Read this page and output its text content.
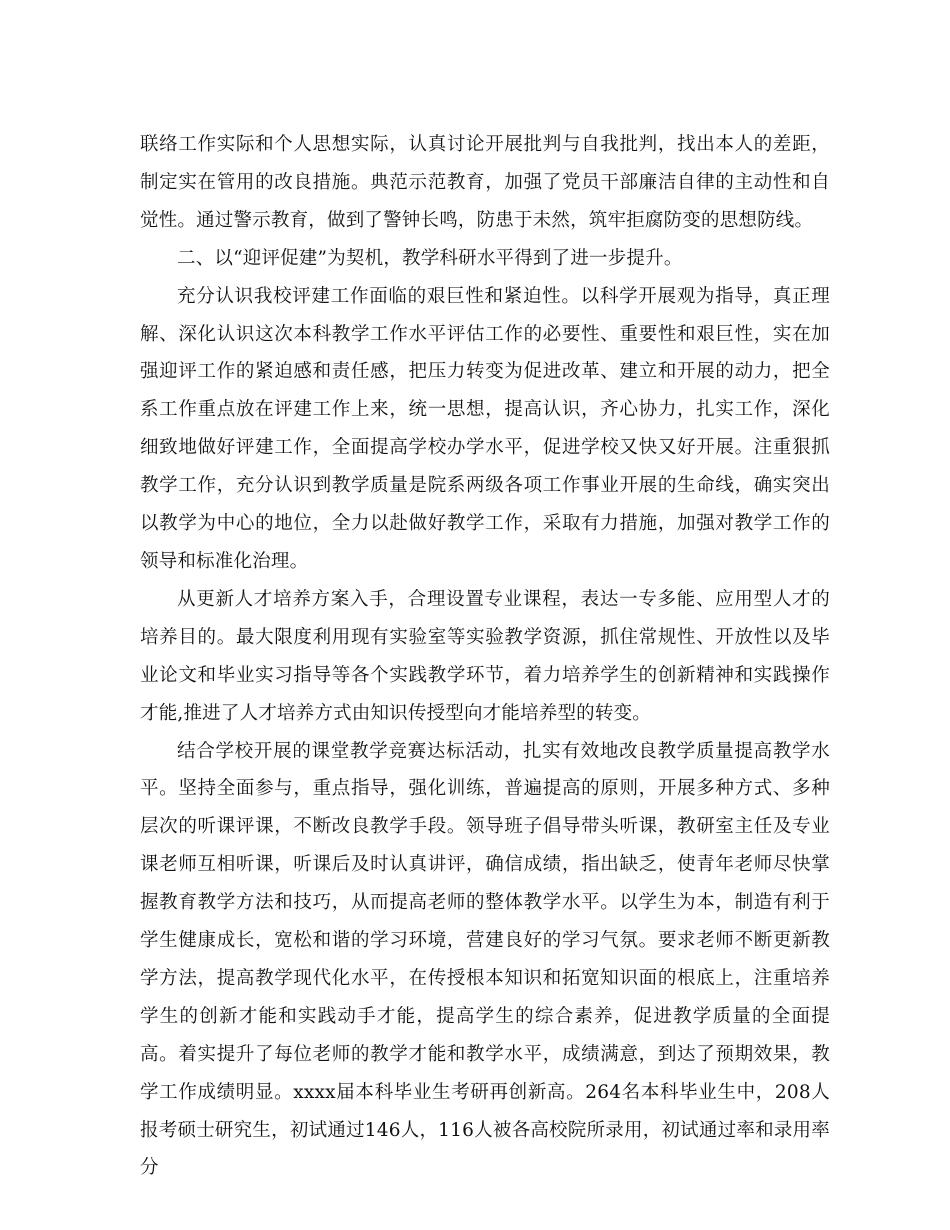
联络工作实际和个人思想实际，认真讨论开展批判与自我批判，找出本人的差距，制定实在管用的改良措施。典范示范教育，加强了党员干部廉洁自律的主动性和自觉性。通过警示教育，做到了警钟长鸣，防患于未然，筑牢拒腐防变的思想防线。

二、以“迎评促建”为契机，教学科研水平得到了进一步提升。

充分认识我校评建工作面临的艰巨性和紧迫性。以科学开展观为指导，真正理解、深化认识这次本科教学工作水平评估工作的必要性、重要性和艰巨性，实在加强迎评工作的紧迫感和责任感，把压力转变为促进改革、建立和开展的动力，把全系工作重点放在评建工作上来，统一思想，提高认识，齐心协力，扎实工作，深化细致地做好评建工作，全面提高学校办学水平，促进学校又快又好开展。注重狠抓教学工作，充分认识到教学质量是院系两级各项工作事业开展的生命线，确实突出以教学为中心的地位，全力以赴做好教学工作，采取有力措施，加强对教学工作的领导和标准化治理。

从更新人才培养方案入手，合理设置专业课程，表达一专多能、应用型人才的培养目的。最大限度利用现有实验室等实验教学资源，抓住常规性、开放性以及毕业论文和毕业实习指导等各个实践教学环节，着力培养学生的创新精神和实践操作才能,推进了人才培养方式由知识传授型向才能培养型的转变。

结合学校开展的课堂教学竞赛达标活动，扎实有效地改良教学质量提高教学水平。坚持全面参与，重点指导，强化训练，普遍提高的原则，开展多种方式、多种层次的听课评课，不断改良教学手段。领导班子倡导带头听课，教研室主任及专业课老师互相听课，听课后及时认真讲评，确信成绩，指出缺乏，使青年老师尽快掌握教育教学方法和技巧，从而提高老师的整体教学水平。以学生为本，制造有利于学生健康成长，宽松和谐的学习环境，营建良好的学习气氛。要求老师不断更新教学方法，提高教学现代化水平，在传授根本知识和拓宽知识面的根底上，注重培养学生的创新才能和实践动手才能，提高学生的综合素养，促进教学质量的全面提高。着实提升了每位老师的教学才能和教学水平，成绩满意，到达了预期效果，教学工作成绩明显。xxxx届本科毕业生考研再创新高。264名本科毕业生中，208人报考硕士研究生，初试通过146人，116人被各高校院所录用，初试通过率和录用率分
